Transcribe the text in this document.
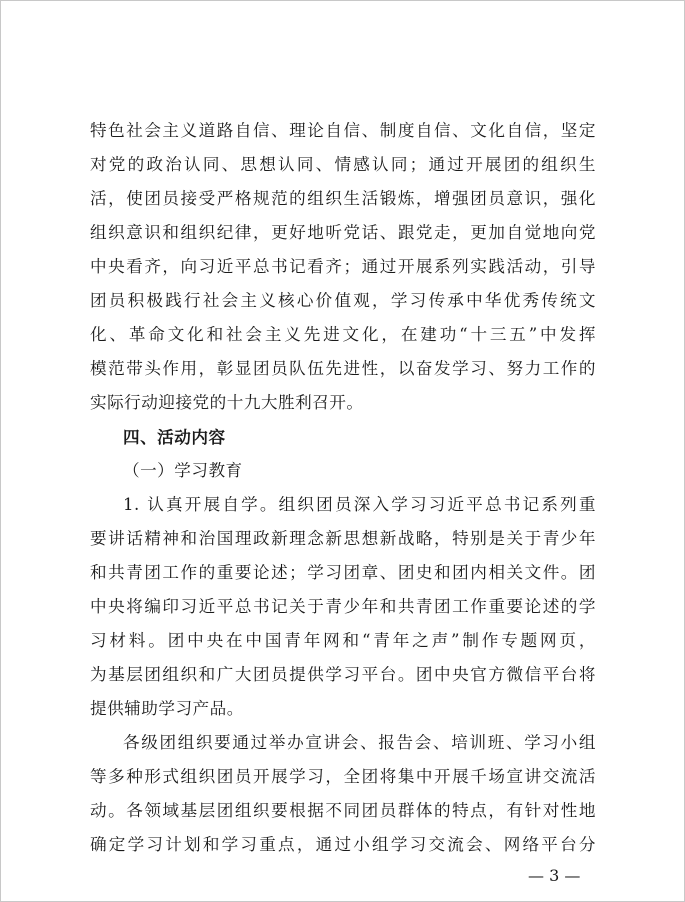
特色社会主义道路自信、理论自信、制度自信、文化自信，坚定
对党的政治认同、思想认同、情感认同；通过开展团的组织生
活，使团员接受严格规范的组织生活锻炼，增强团员意识，强化
组织意识和组织纪律，更好地听党话、跟党走，更加自觉地向党
中央看齐，向习近平总书记看齐；通过开展系列实践活动，引导
团员积极践行社会主义核心价值观，学习传承中华优秀传统文
化、革命文化和社会主义先进文化，在建功“十三五”中发挥
模范带头作用，彰显团员队伍先进性，以奋发学习、努力工作的
实际行动迎接党的十九大胜利召开。
四、活动内容
（一）学习教育
1. 认真开展自学。组织团员深入学习习近平总书记系列重
要讲话精神和治国理政新理念新思想新战略，特别是关于青少年
和共青团工作的重要论述；学习团章、团史和团内相关文件。团
中央将编印习近平总书记关于青少年和共青团工作重要论述的学
习材料。团中央在中国青年网和“青年之声”制作专题网页，
为基层团组织和广大团员提供学习平台。团中央官方微信平台将
提供辅助学习产品。
各级团组织要通过举办宣讲会、报告会、培训班、学习小组
等多种形式组织团员开展学习，全团将集中开展千场宣讲交流活
动。各领域基层团组织要根据不同团员群体的特点，有针对性地
确定学习计划和学习重点，通过小组学习交流会、网络平台分
— 3 —
